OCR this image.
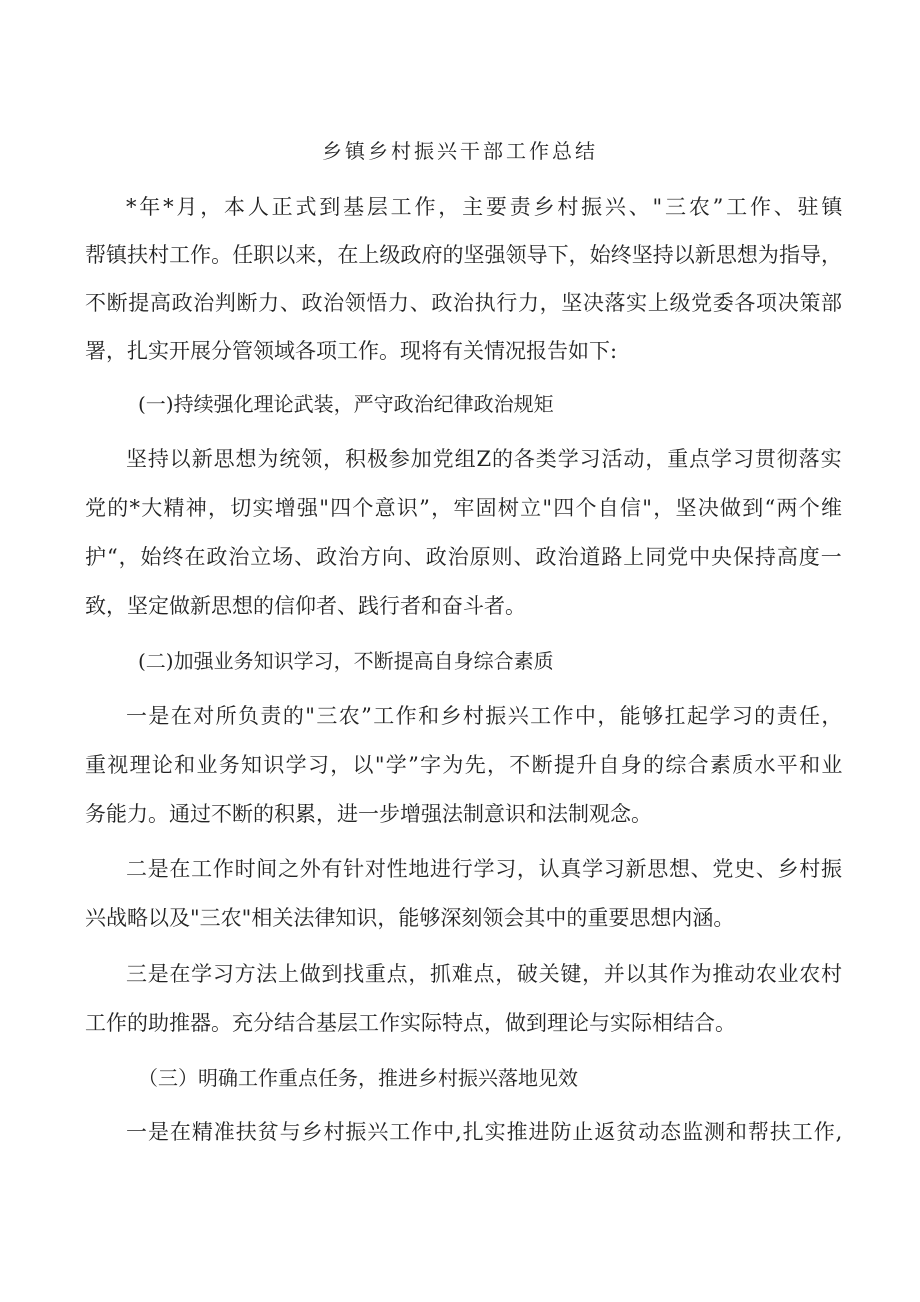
乡镇乡村振兴干部工作总结
*年*月，本人正式到基层工作，主要责乡村振兴、"三农”工作、驻镇
帮镇扶村工作。任职以来，在上级政府的坚强领导下，始终坚持以新思想为指导，
不断提高政治判断力、政治领悟力、政治执行力，坚决落实上级党委各项决策部
署，扎实开展分管领域各项工作。现将有关情况报告如下:
(一)持续强化理论武装，严守政治纪律政治规矩
坚持以新思想为统领，积极参加党组Z的各类学习活动，重点学习贯彻落实
党的*大精神，切实增强"四个意识”，牢固树立"四个自信"，坚决做到“两个维
护“，始终在政治立场、政治方向、政治原则、政治道路上同党中央保持高度一
致，坚定做新思想的信仰者、践行者和奋斗者。
(二)加强业务知识学习，不断提高自身综合素质
一是在对所负责的"三农”工作和乡村振兴工作中，能够扛起学习的责任，
重视理论和业务知识学习，以"学”字为先，不断提升自身的综合素质水平和业
务能力。通过不断的积累，进一步增强法制意识和法制观念。
二是在工作时间之外有针对性地进行学习，认真学习新思想、党史、乡村振
兴战略以及"三农"相关法律知识，能够深刻领会其中的重要思想内涵。
三是在学习方法上做到找重点，抓难点，破关键，并以其作为推动农业农村
工作的助推器。充分结合基层工作实际特点，做到理论与实际相结合。
（三）明确工作重点任务，推进乡村振兴落地见效
一是在精准扶贫与乡村振兴工作中,扎实推进防止返贫动态监测和帮扶工作,
